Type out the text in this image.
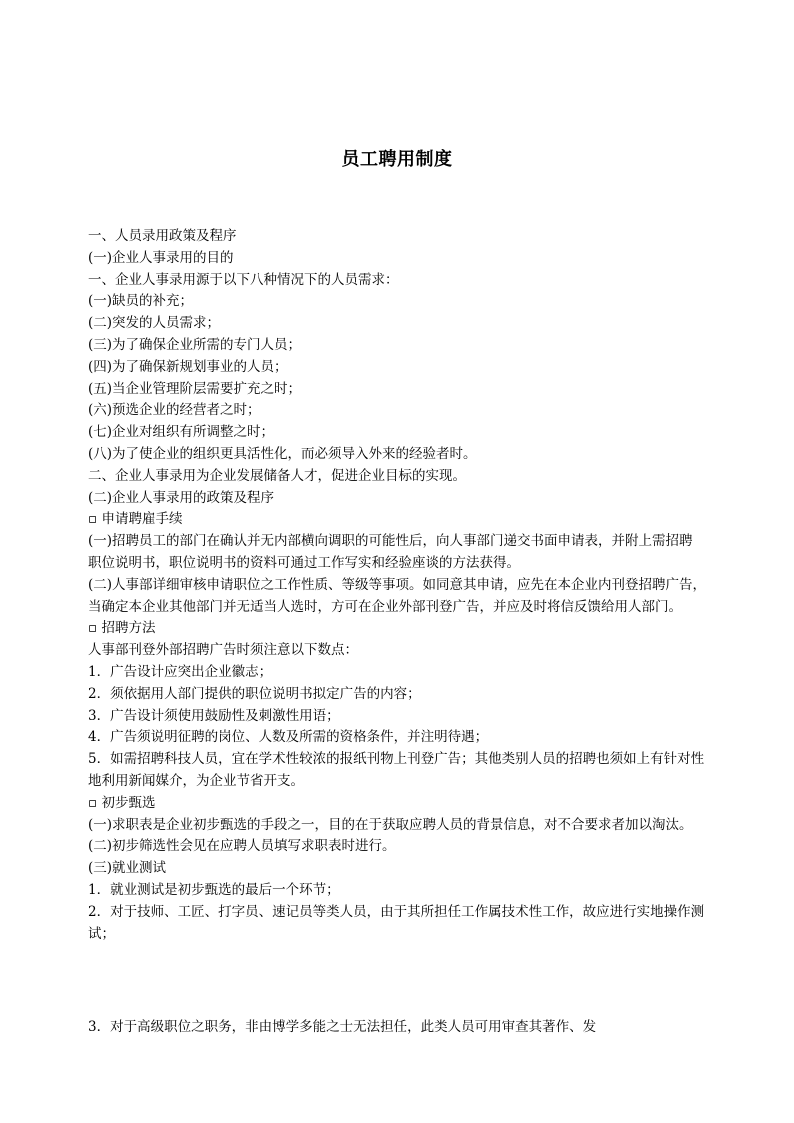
员工聘用制度
一、人员录用政策及程序
(一)企业人事录用的目的
一、企业人事录用源于以下八种情况下的人员需求：
(一)缺员的补充；
(二)突发的人员需求；
(三)为了确保企业所需的专门人员；
(四)为了确保新规划事业的人员；
(五)当企业管理阶层需要扩充之时；
(六)预选企业的经营者之时；
(七)企业对组织有所调整之时；
(八)为了使企业的组织更具活性化，而必须导入外来的经验者时。
二、企业人事录用为企业发展储备人才，促进企业目标的实现。
(二)企业人事录用的政策及程序
▫ 申请聘雇手续
(一)招聘员工的部门在确认并无内部横向调职的可能性后，向人事部门递交书面申请表，并附上需招聘
职位说明书，职位说明书的资料可通过工作写实和经验座谈的方法获得。
(二)人事部详细审核申请职位之工作性质、等级等事项。如同意其申请，应先在本企业内刊登招聘广告，
当确定本企业其他部门并无适当人选时，方可在企业外部刊登广告，并应及时将信反馈给用人部门。
▫ 招聘方法
人事部刊登外部招聘广告时须注意以下数点：
1．广告设计应突出企业徽志；
2．须依据用人部门提供的职位说明书拟定广告的内容；
3．广告设计须使用鼓励性及刺激性用语；
4．广告须说明征聘的岗位、人数及所需的资格条件，并注明待遇；
5．如需招聘科技人员，宜在学术性较浓的报纸刊物上刊登广告；其他类别人员的招聘也须如上有针对性
地利用新闻媒介，为企业节省开支。
▫ 初步甄选
(一)求职表是企业初步甄选的手段之一，目的在于获取应聘人员的背景信息，对不合要求者加以淘汰。
(二)初步筛选性会见在应聘人员填写求职表时进行。
(三)就业测试
1．就业测试是初步甄选的最后一个环节；
2．对于技师、工匠、打字员、速记员等类人员，由于其所担任工作属技术性工作，故应进行实地操作测
试；
3．对于高级职位之职务，非由博学多能之士无法担任，此类人员可用审查其著作、发
